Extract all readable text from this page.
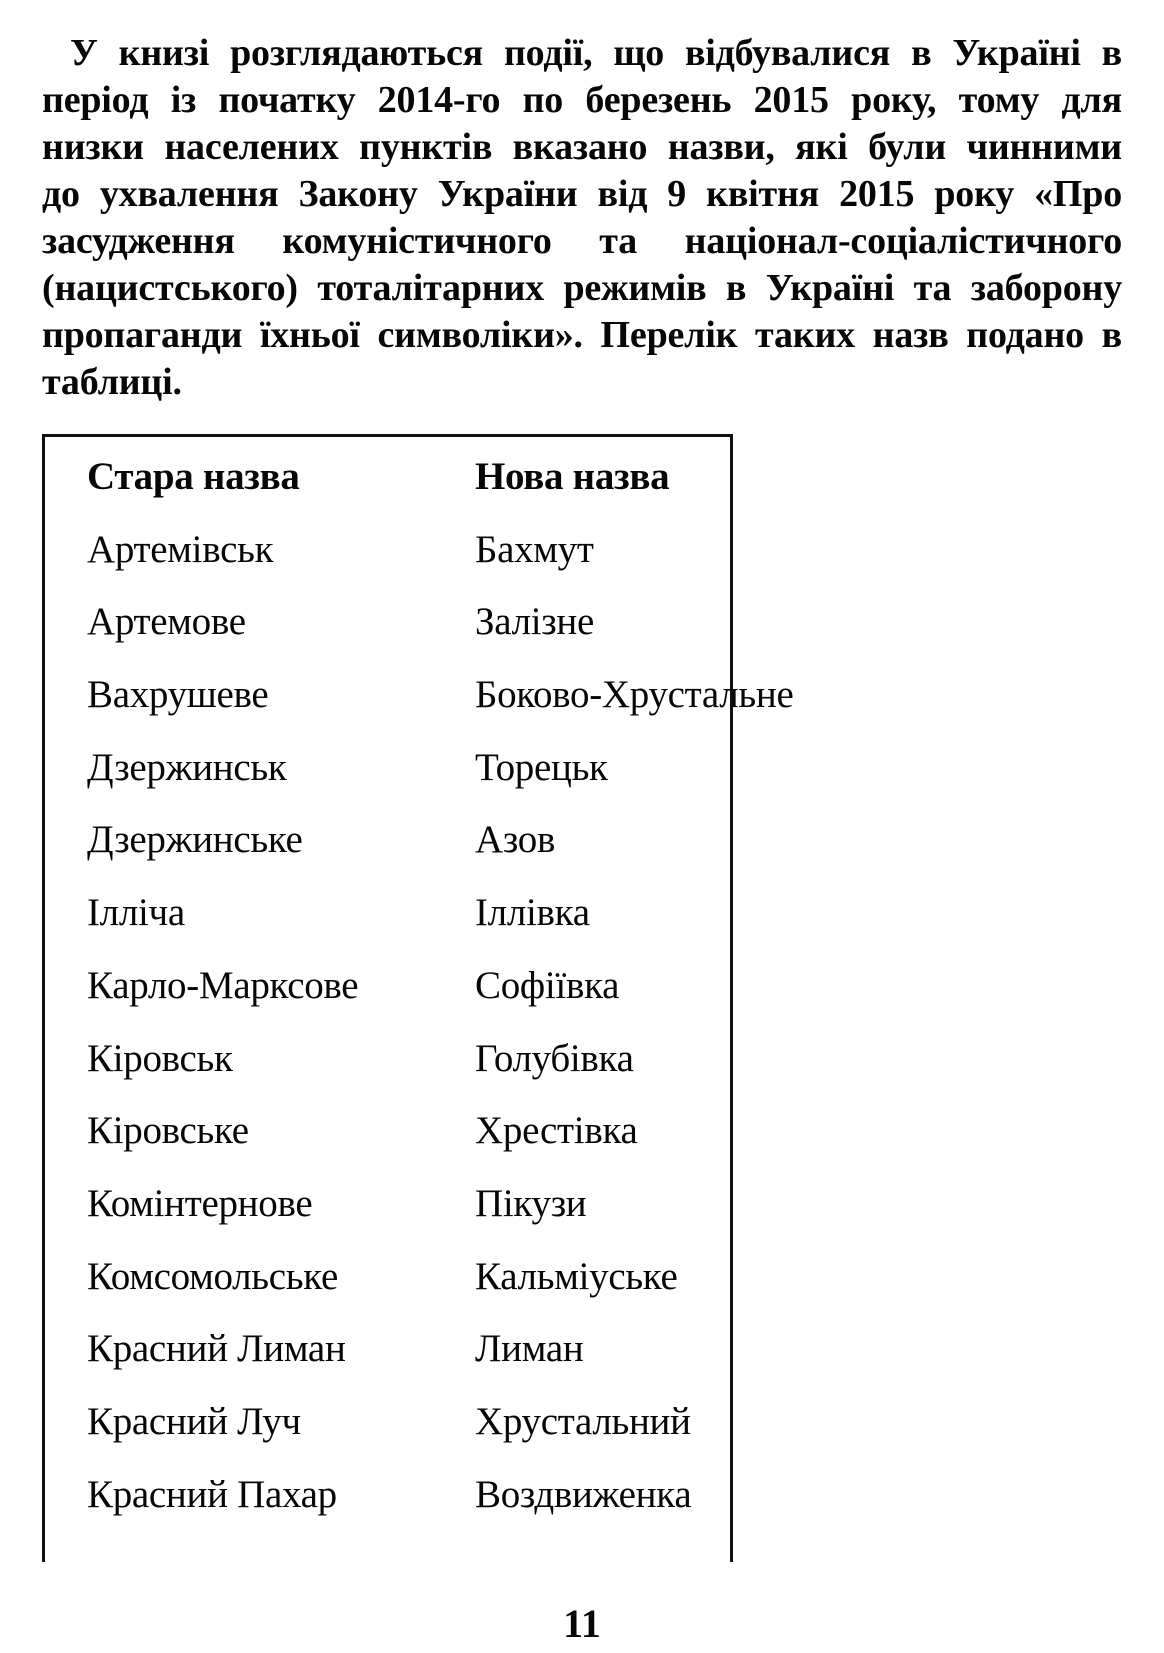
У книзі розглядаються події, що відбувалися в Україні в
період із початку 2014-го по березень 2015 року, тому для
низки населених пунктів вказано назви, які були чинними
до ухвалення Закону України від 9 квітня 2015 року «Про
засудження комуністичного та націонал-соціалістичного
(нацистського) тоталітарних режимів в Україні та заборону
пропаганди їхньої символіки». Перелік таких назв подано в
таблиці.
Стара назва	Нова назва
Артемівськ	Бахмут
Артемове	Залізне
Вахрушеве	Боково-Хрустальне
Дзержинськ	Торецьк
Дзержинське	Азов
Ілліча	Іллівка
Карло-Марксове	Софіївка
Кіровськ	Голубівка
Кіровське	Хрестівка
Комінтернове	Пікузи
Комсомольське	Кальміуське
Красний Лиман	Лиман
Красний Луч	Хрустальний
Красний Пахар	Воздвиженка
11
